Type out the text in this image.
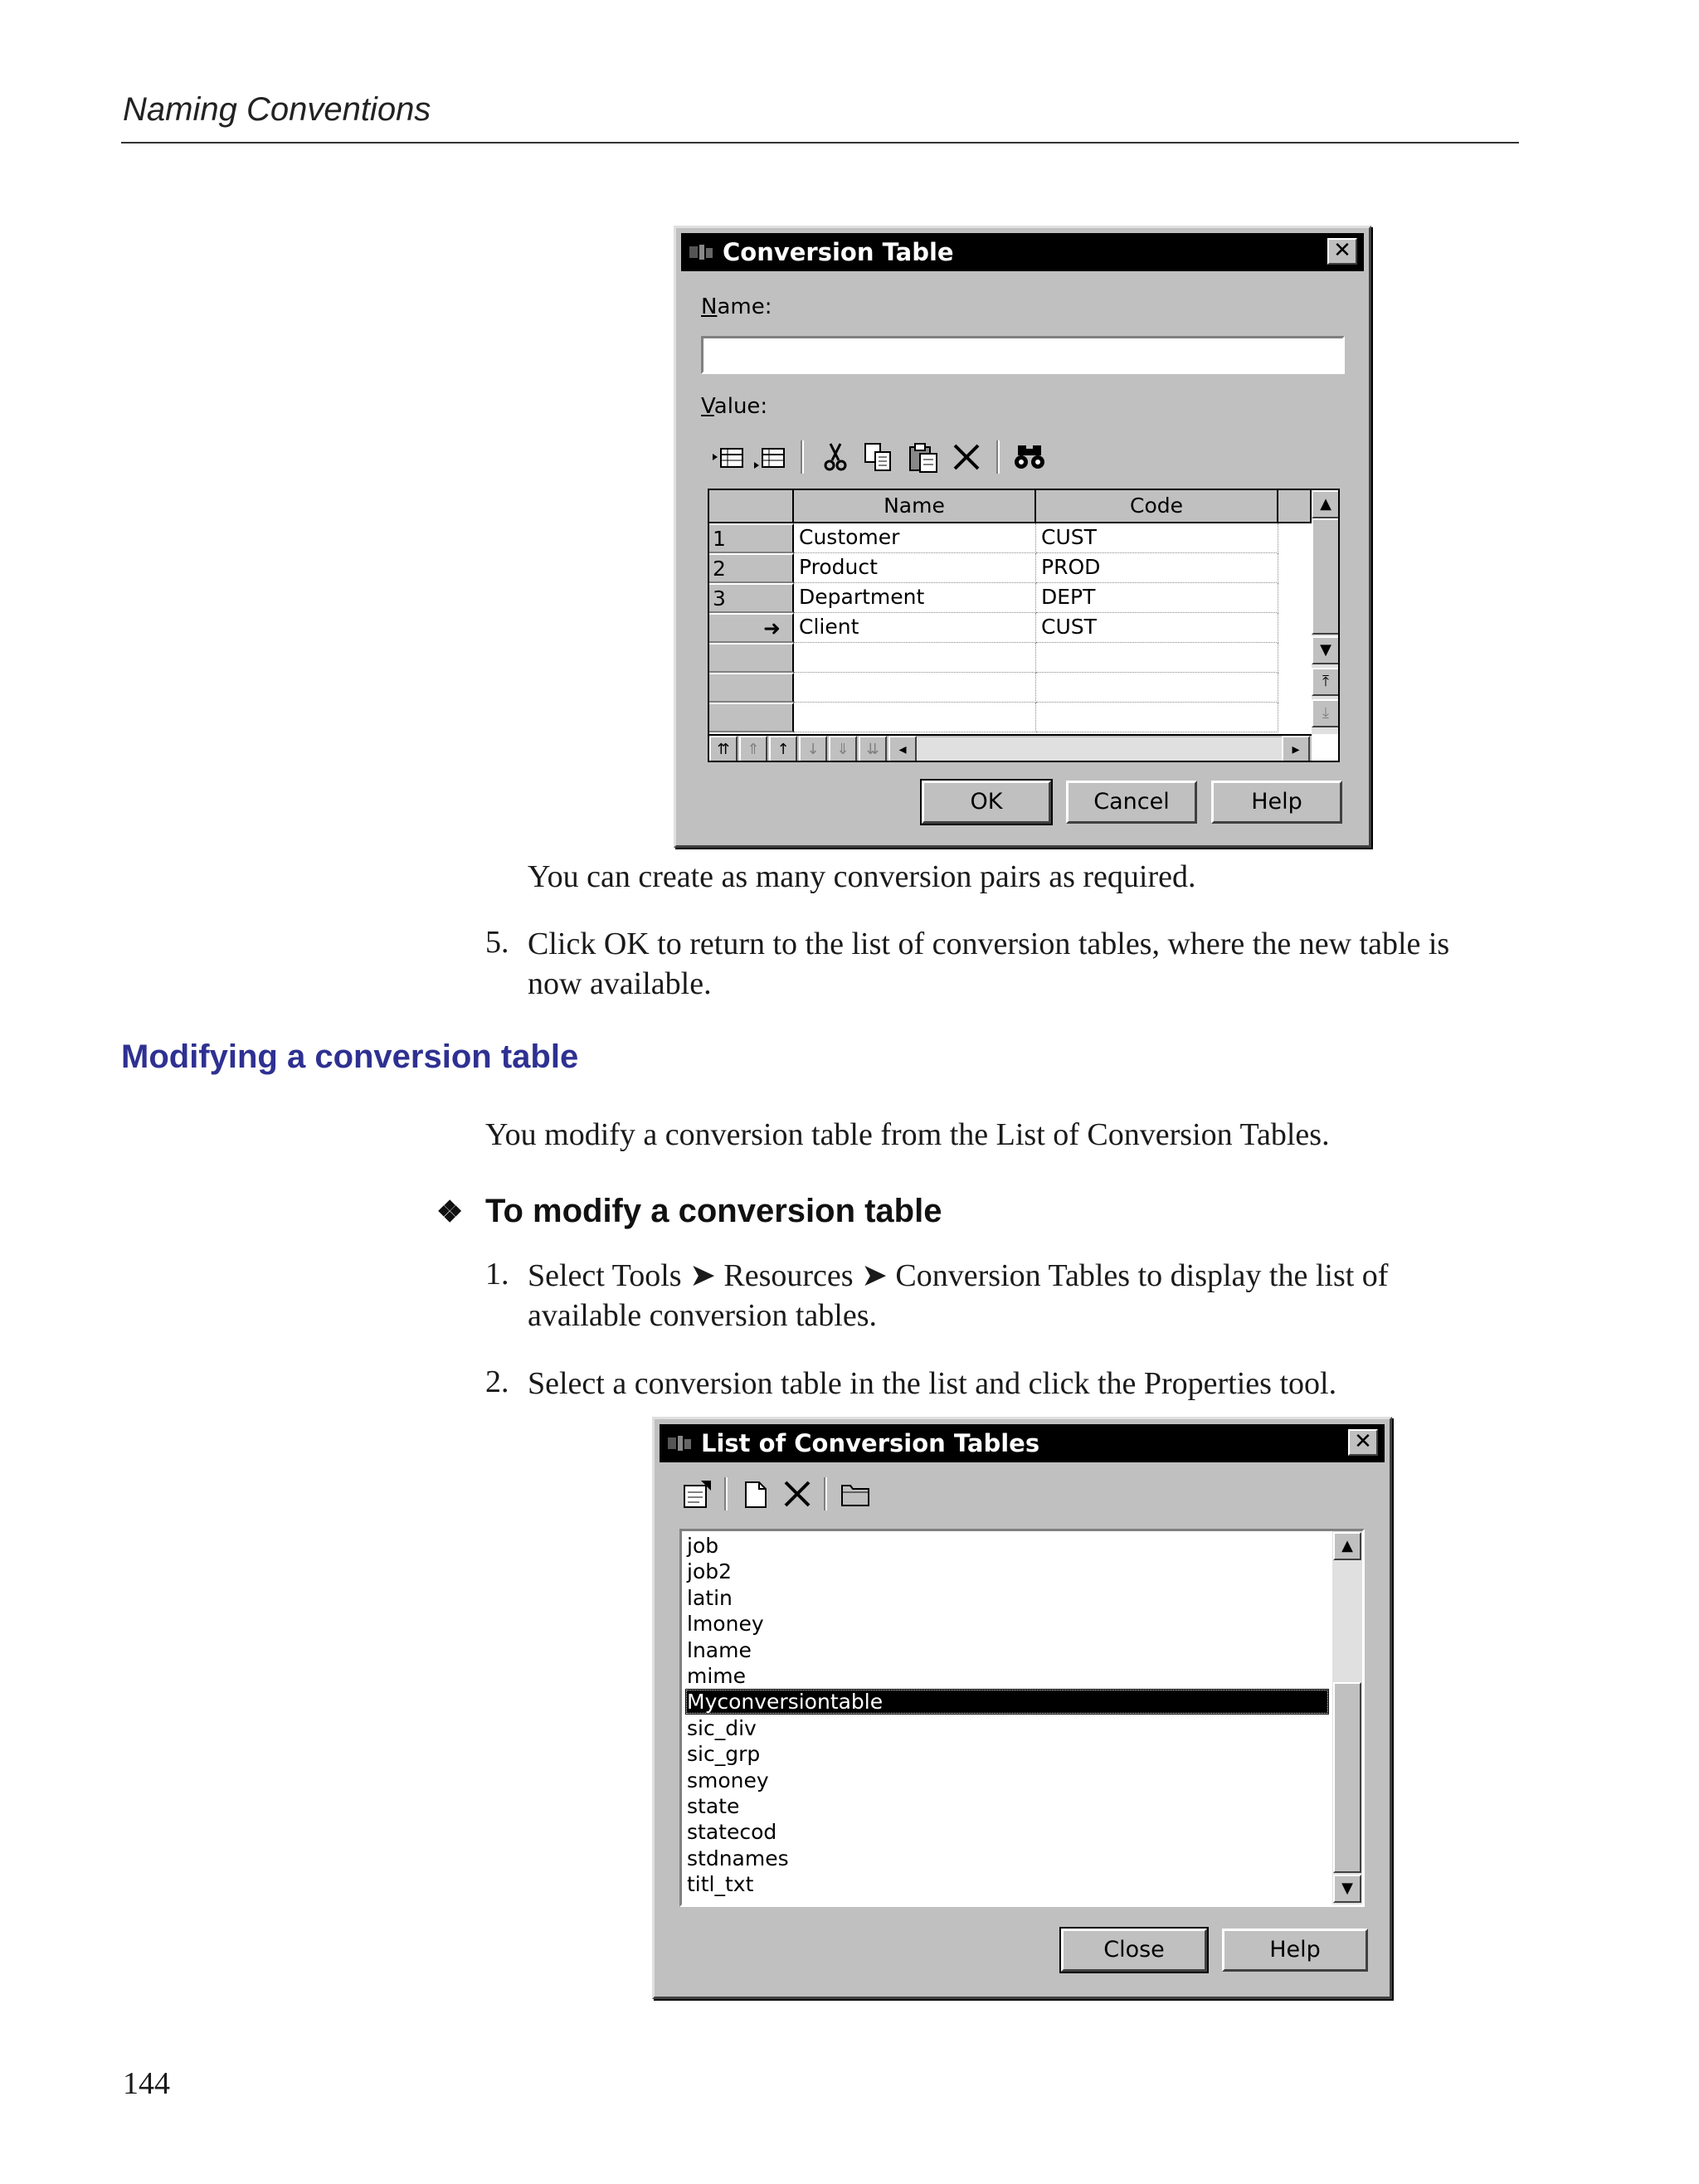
Naming Conventions
Conversion Table	✕
Name:
Value:
Name	Code
1	Customer	CUST
2	Product	PROD
3	Department	DEPT
➜ Client	CUST
▲
▼
⤒
⤓
⇈	⇑	↑	↓	⇓	⇊	◂	▸
OK	Cancel	Help
You can create as many conversion pairs as required.
5. Click OK to return to the list of conversion tables, where the new table is
now available.
Modifying a conversion table
You modify a conversion table from the List of Conversion Tables.
❖ To modify a conversion table
1. Select Tools ➤ Resources ➤ Conversion Tables to display the list of
available conversion tables.
2. Select a conversion table in the list and click the Properties tool.
List of Conversion Tables	✕
job
job2
latin
lmoney
lname
mime
Myconversiontable
sic_div
sic_grp
smoney
state
statecod
stdnames
titl_txt
▲
▼
Close	Help
144
